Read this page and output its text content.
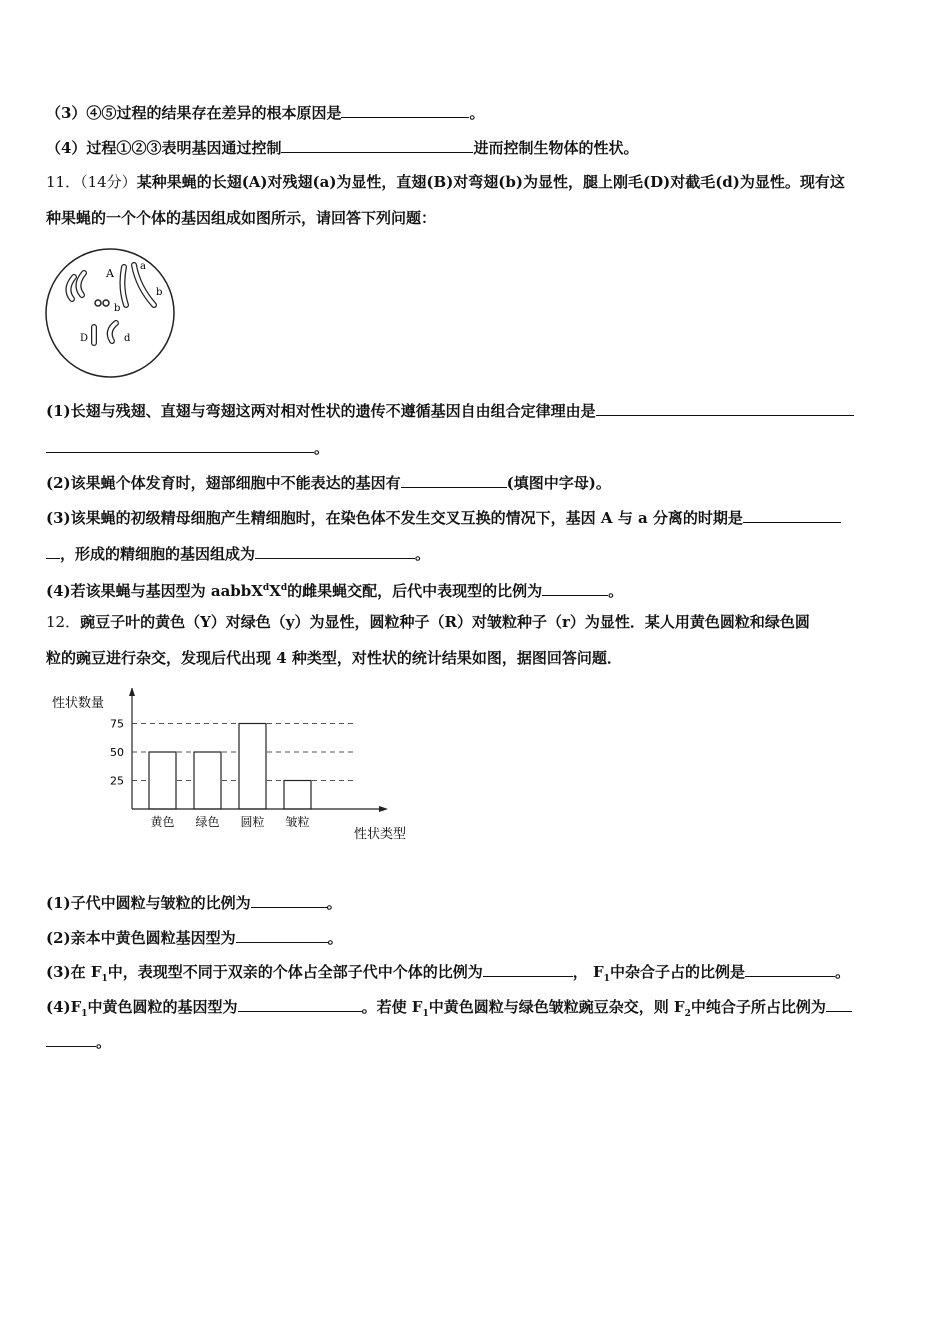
（3）④⑤过程的结果存在差异的根本原因是	。
（4）过程①②③表明基因通过控制	进而控制生物体的性状。
11．（14分）某种果蝇的长翅(A)对残翅(a)为显性，直翅(B)对弯翅(b)为显性，腿上刚毛(D)对截毛(d)为显性。现有这
种果蝇的一个个体的基因组成如图所示，请回答下列问题：
A
a
b
b
D	d
(1)长翅与残翅、直翅与弯翅这两对相对性状的遗传不遵循基因自由组合定律理由是
。
(2)该果蝇个体发育时，翅部细胞中不能表达的基因有	(填图中字母)。
(3)该果蝇的初级精母细胞产生精细胞时，在染色体不发生交叉互换的情况下，基因 A 与 a 分离的时期是
，形成的精细胞的基因组成为	。
(4)若该果蝇与基因型为 $aabbX^dX^d$的雌果蝇交配，后代中表现型的比例为	。
12．豌豆子叶的黄色（Y）对绿色（y）为显性，圆粒种子（R）对皱粒种子（r）为显性．某人用黄色圆粒和绿色圆
粒的豌豆进行杂交，发现后代出现 4 种类型，对性状的统计结果如图，据图回答问题．
25
50
75
黄色 绿色 圆粒 皱粒
性状数量
性状类型
(1)子代中圆粒与皱粒的比例为	。
(2)亲本中黄色圆粒基因型为	。
(3)在 $F_1$中，表现型不同于双亲的个体占全部子代中个体的比例为	， $F_1$中杂合子占的比例是	。
$(4)F_1$中黄色圆粒的基因型为	。若使 $F_1$中黄色圆粒与绿色皱粒豌豆杂交，则 $F_2$中纯合子所占比例为
。
